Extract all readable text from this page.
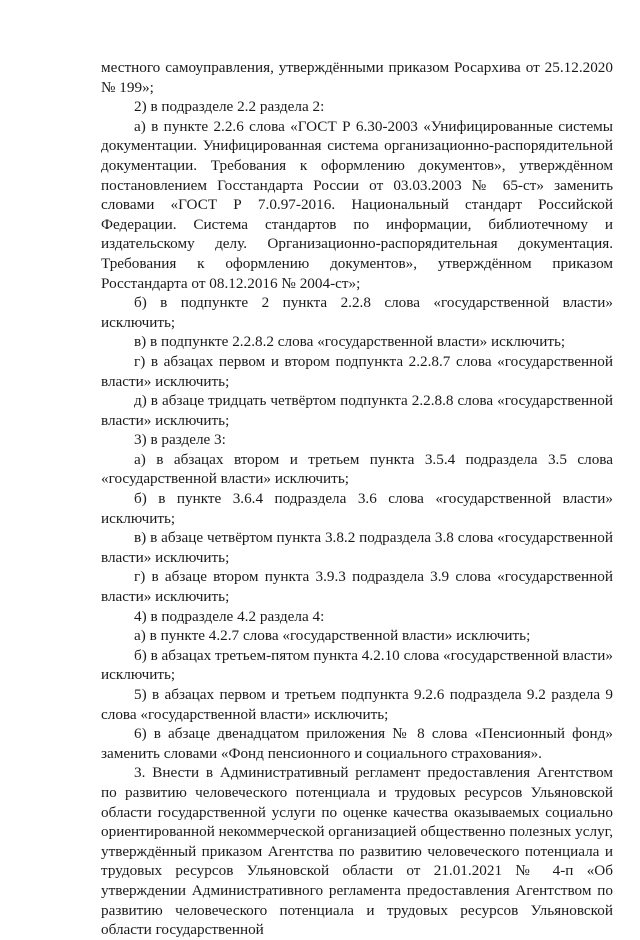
местного самоуправления, утверждёнными приказом Росархива от 25.12.2020 № 199»;

2) в подразделе 2.2 раздела 2:

а) в пункте 2.2.6 слова «ГОСТ Р 6.30-2003 «Унифицированные системы документации. Унифицированная система организационно-распорядительной документации. Требования к оформлению документов», утверждённом постановлением Госстандарта России от 03.03.2003 № 65-ст» заменить словами «ГОСТ Р 7.0.97-2016. Национальный стандарт Российской Федерации. Система стандартов по информации, библиотечному и издательскому делу. Организационно-распорядительная документация. Требования к оформлению документов», утверждённом приказом Росстандарта от 08.12.2016 № 2004-ст»;

б) в подпункте 2 пункта 2.2.8 слова «государственной власти» исключить;

в) в подпункте 2.2.8.2 слова «государственной власти» исключить;

г) в абзацах первом и втором подпункта 2.2.8.7 слова «государственной власти» исключить;

д) в абзаце тридцать четвёртом подпункта 2.2.8.8 слова «государственной власти» исключить;

3) в разделе 3:

а) в абзацах втором и третьем пункта 3.5.4 подраздела 3.5 слова «государственной власти» исключить;

б) в пункте 3.6.4 подраздела 3.6 слова «государственной власти» исключить;

в) в абзаце четвёртом пункта 3.8.2 подраздела 3.8 слова «государственной власти» исключить;

г) в абзаце втором пункта 3.9.3 подраздела 3.9 слова «государственной власти» исключить;

4) в подразделе 4.2 раздела 4:

а) в пункте 4.2.7 слова «государственной власти» исключить;

б) в абзацах третьем-пятом пункта 4.2.10 слова «государственной власти» исключить;

5) в абзацах первом и третьем подпункта 9.2.6 подраздела 9.2 раздела 9 слова «государственной власти» исключить;

6) в абзаце двенадцатом приложения № 8 слова «Пенсионный фонд» заменить словами «Фонд пенсионного и социального страхования».

3. Внести в Административный регламент предоставления Агентством по развитию человеческого потенциала и трудовых ресурсов Ульяновской области государственной услуги по оценке качества оказываемых социально ориентированной некоммерческой организацией общественно полезных услуг, утверждённый приказом Агентства по развитию человеческого потенциала и трудовых ресурсов Ульяновской области от 21.01.2021 № 4-п «Об утверждении Административного регламента предоставления Агентством по развитию человеческого потенциала и трудовых ресурсов Ульяновской области государственной
